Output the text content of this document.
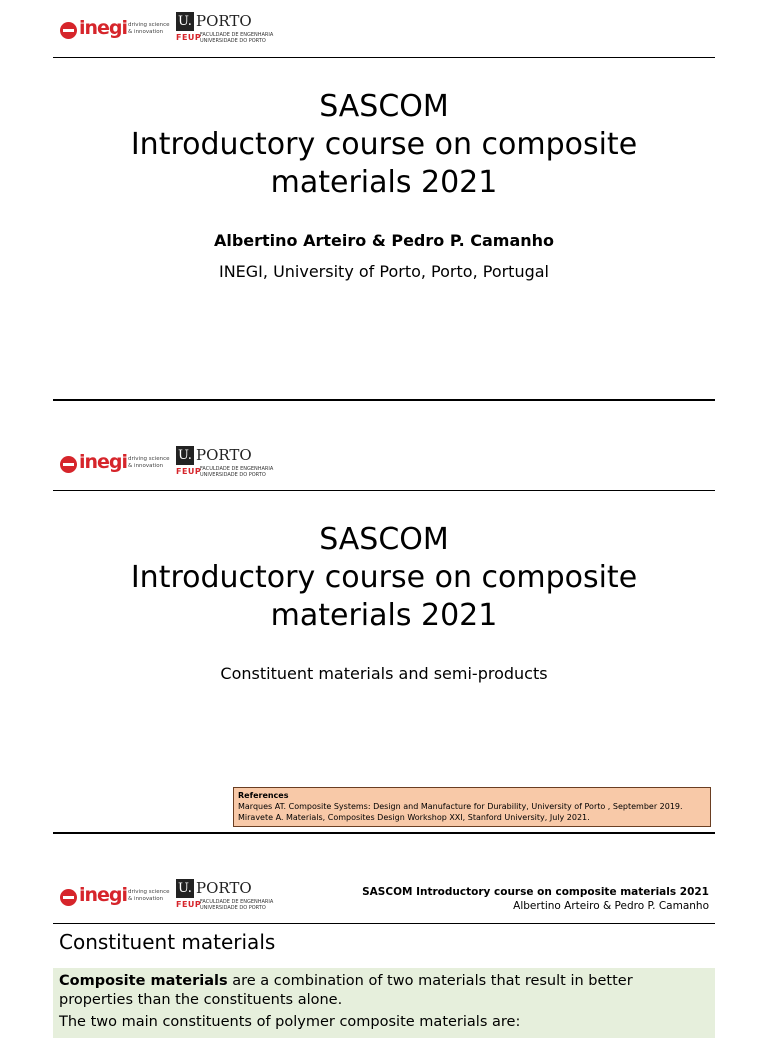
inegi driving science & innovation
U. PORTO
FEUP
FACULDADE DE ENGENHARIA UNIVERSIDADE DO PORTO
SASCOM
Introductory course on composite
materials 2021
Albertino Arteiro & Pedro P. Camanho
INEGI, University of Porto, Porto, Portugal
inegi driving science & innovation
U. PORTO
FEUP
FACULDADE DE ENGENHARIA UNIVERSIDADE DO PORTO
SASCOM
Introductory course on composite
materials 2021
Constituent materials and semi-products
References
Marques AT. Composite Systems: Design and Manufacture for Durability, University of Porto , September 2019.
Miravete A. Materials, Composites Design Workshop XXI, Stanford University, July 2021.
inegi driving science & innovation
U. PORTO
FEUP
FACULDADE DE ENGENHARIA UNIVERSIDADE DO PORTO
SASCOM Introductory course on composite materials 2021
Albertino Arteiro & Pedro P. Camanho
Constituent materials
Composite materials are a combination of two materials that result in better properties than the constituents alone.
The two main constituents of polymer composite materials are:
